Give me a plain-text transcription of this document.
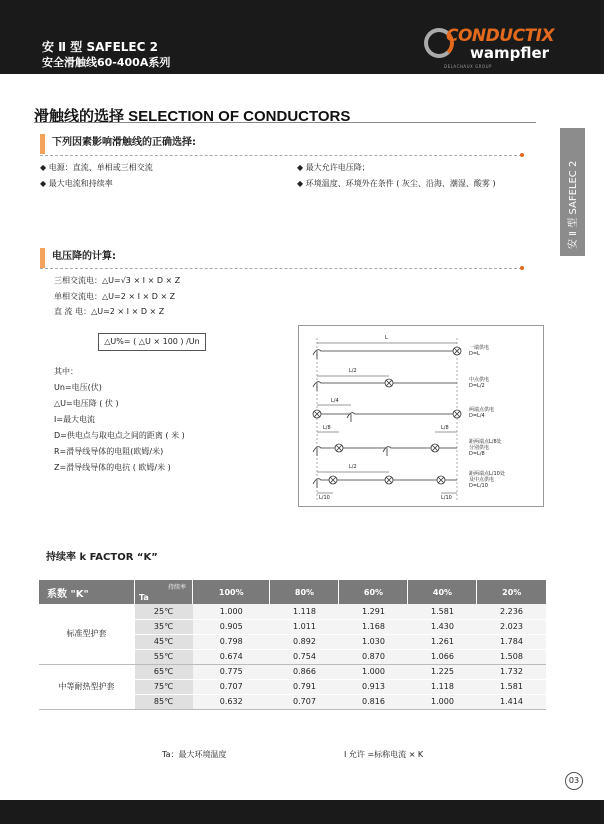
安 Ⅱ 型 SAFELEC 2
安全滑触线60-400A系列
CONDUCTIX
wampfler
DELACHAUX GROUP
滑触线的选择 SELECTION OF CONDUCTORS
安 Ⅱ 型 SAFELEC 2
下列因素影响滑触线的正确选择:
◆ 电源：直流、单相或三相交流
◆ 最大电流和持续率
◆ 最大允许电压降；
◆ 环境温度、环境外在条件 ( 灰尘、沿海、潮湿、酸雾 )
电压降的计算:
三相交流电：△U=√3 × I × D × Z
单相交流电：△U=2 × I × D × Z
直 流 电：△U=2 × I × D × Z
△U%= ( △U × 100 ) /Un
其中：
Un=电压(伏)
△U=电压降 ( 伏 )
I=最大电流
D=供电点与取电点之间的距离 ( 米 )
R=滑导线导体的电阻(欧姆/米)
Z=滑导线导体的电抗 ( 欧姆/米 )
L
L/2
L/4
L/8	L/8
L/2
L/10	L/10
一端供电
D=L
中点供电
D=L/2
两端点供电
D=L/4
距两端点L/8处
分别供电
D=L/8
距两端点L/10处
及中点供电
D=L/10
持续率 k FACTOR “K”
系数 "K"	持续率
Ta	100%	80%	60%	40%	20%
标准型护套	25℃	1.000	1.118	1.291	1.581	2.236
	35℃	0.905	1.011	1.168	1.430	2.023
	45℃	0.798	0.892	1.030	1.261	1.784
	55℃	0.674	0.754	0.870	1.066	1.508
中等耐热型护套	65℃	0.775	0.866	1.000	1.225	1.732
	75℃	0.707	0.791	0.913	1.118	1.581
	85℃	0.632	0.707	0.816	1.000	1.414
Ta：最大环境温度	I 允许 =标称电流 × K
03
